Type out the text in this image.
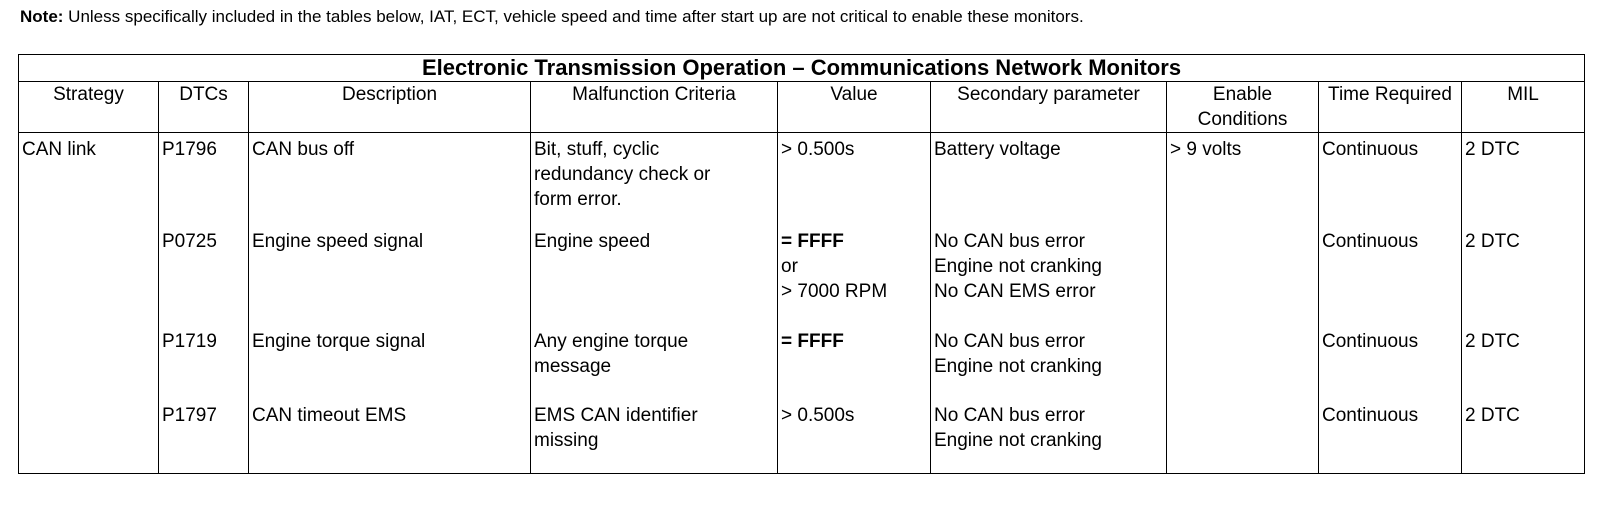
Note: Unless specifically included in the tables below, IAT, ECT, vehicle speed and time after start up are not critical to enable these monitors.
Electronic Transmission Operation – Communications Network Monitors								
Strategy	DTCs	Description	Malfunction Criteria	Value	Secondary parameter	Enable Conditions	Time Required	MIL
CAN link	P1796	CAN bus off	Bit, stuff, cyclic
redundancy check or
form error.	> 0.500s	Battery voltage	> 9 volts	Continuous	2 DTC
	P0725	Engine speed signal	Engine speed	= FFFF
or
> 7000 RPM	No CAN bus error
Engine not cranking
No CAN EMS error		Continuous	2 DTC
	P1719	Engine torque signal	Any engine torque
message	= FFFF	No CAN bus error
Engine not cranking		Continuous	2 DTC
	P1797	CAN timeout EMS	EMS CAN identifier
missing	> 0.500s	No CAN bus error
Engine not cranking		Continuous	2 DTC
